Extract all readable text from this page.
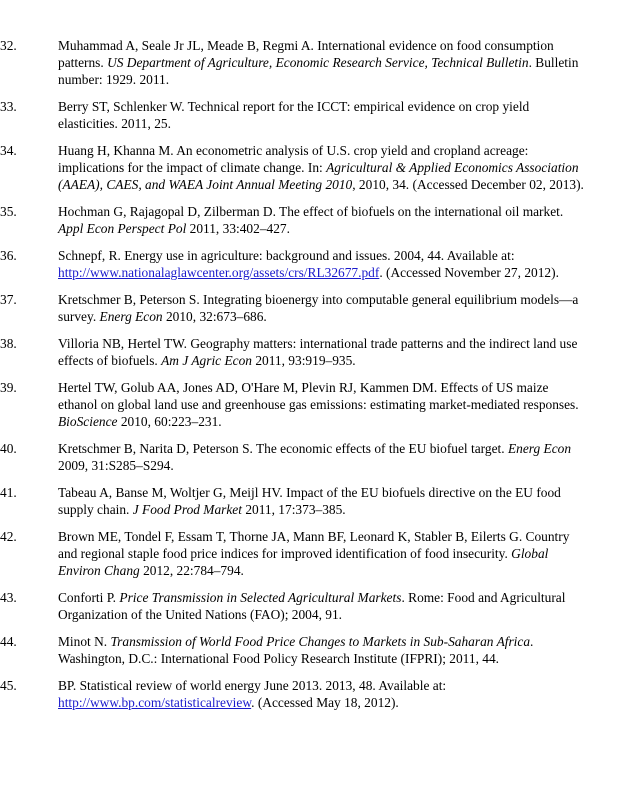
32.	Muhammad A, Seale Jr JL, Meade B, Regmi A. International evidence on food consumption patterns. US Department of Agriculture, Economic Research Service, Technical Bulletin. Bulletin number: 1929. 2011.
33.	Berry ST, Schlenker W. Technical report for the ICCT: empirical evidence on crop yield elasticities. 2011, 25.
34.	Huang H, Khanna M. An econometric analysis of U.S. crop yield and cropland acreage: implications for the impact of climate change. In: Agricultural & Applied Economics Association (AAEA), CAES, and WAEA Joint Annual Meeting 2010, 2010, 34. (Accessed December 02, 2013).
35.	Hochman G, Rajagopal D, Zilberman D. The effect of biofuels on the international oil market. Appl Econ Perspect Pol 2011, 33:402–427.
36.	Schnepf, R. Energy use in agriculture: background and issues. 2004, 44. Available at: http://www.nationalaglawcenter.org/assets/crs/RL32677.pdf. (Accessed November 27, 2012).
37.	Kretschmer B, Peterson S. Integrating bioenergy into computable general equilibrium models—a survey. Energ Econ 2010, 32:673–686.
38.	Villoria NB, Hertel TW. Geography matters: international trade patterns and the indirect land use effects of biofuels. Am J Agric Econ 2011, 93:919–935.
39.	Hertel TW, Golub AA, Jones AD, O'Hare M, Plevin RJ, Kammen DM. Effects of US maize ethanol on global land use and greenhouse gas emissions: estimating market-mediated responses. BioScience 2010, 60:223–231.
40.	Kretschmer B, Narita D, Peterson S. The economic effects of the EU biofuel target. Energ Econ 2009, 31:S285–S294.
41.	Tabeau A, Banse M, Woltjer G, Meijl HV. Impact of the EU biofuels directive on the EU food supply chain. J Food Prod Market 2011, 17:373–385.
42.	Brown ME, Tondel F, Essam T, Thorne JA, Mann BF, Leonard K, Stabler B, Eilerts G. Country and regional staple food price indices for improved identification of food insecurity. Global Environ Chang 2012, 22:784–794.
43.	Conforti P. Price Transmission in Selected Agricultural Markets. Rome: Food and Agricultural Organization of the United Nations (FAO); 2004, 91.
44.	Minot N. Transmission of World Food Price Changes to Markets in Sub-Saharan Africa. Washington, D.C.: International Food Policy Research Institute (IFPRI); 2011, 44.
45.	BP. Statistical review of world energy June 2013. 2013, 48. Available at: http://www.bp.com/statisticalreview. (Accessed May 18, 2012).
